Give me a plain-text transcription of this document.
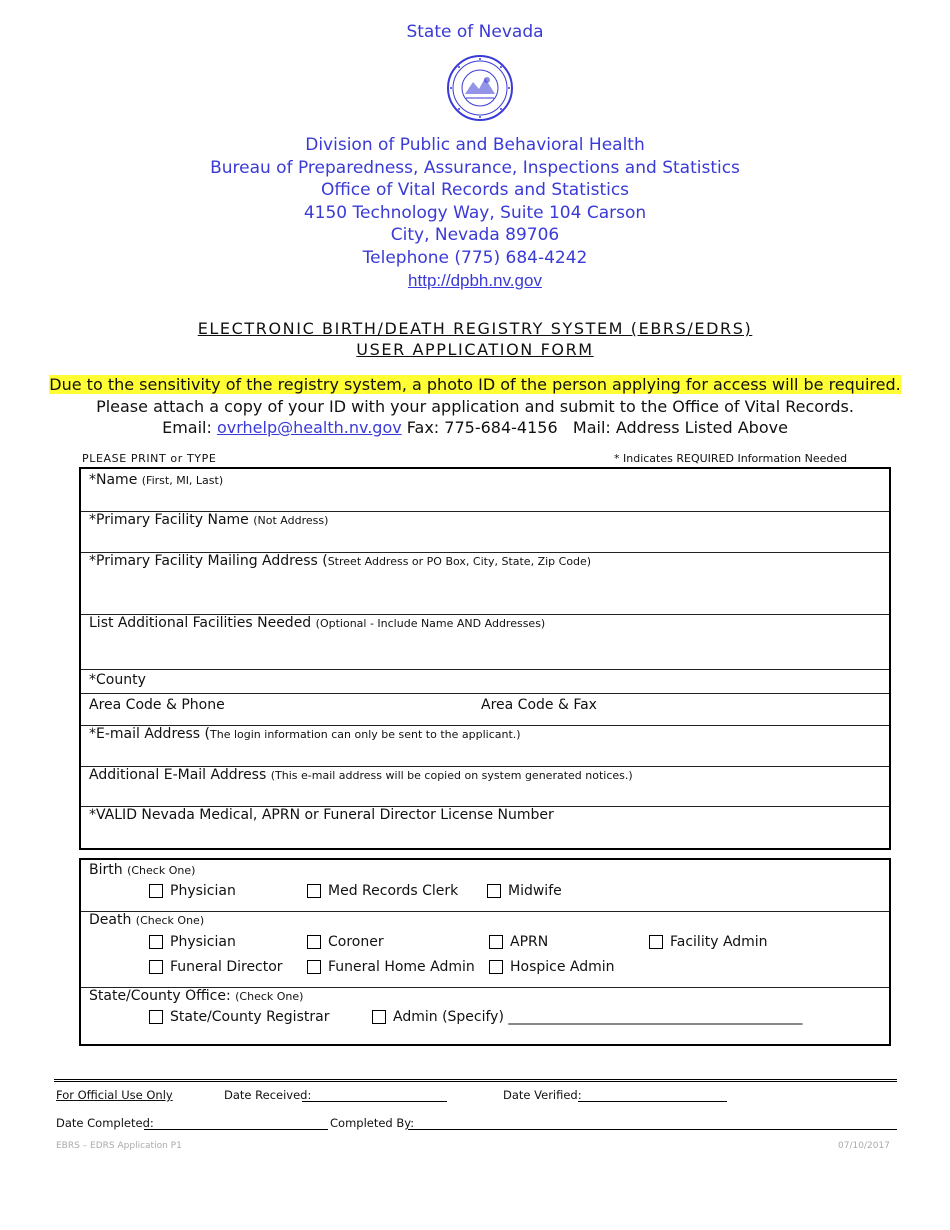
State of Nevada
Division of Public and Behavioral Health
Bureau of Preparedness, Assurance, Inspections and Statistics
Office of Vital Records and Statistics
4150 Technology Way, Suite 104 Carson
City, Nevada 89706
Telephone (775) 684-4242
http://dpbh.nv.gov
ELECTRONIC BIRTH/DEATH REGISTRY SYSTEM (EBRS/EDRS)
USER APPLICATION FORM
Due to the sensitivity of the registry system, a photo ID of the person applying for access will be required.
Please attach a copy of your ID with your application and submit to the Office of Vital Records.
Email: ovrhelp@health.nv.gov Fax: 775-684-4156   Mail: Address Listed Above
PLEASE PRINT or TYPE	* Indicates REQUIRED Information Needed
*Name (First, MI, Last)
*Primary Facility Name (Not Address)
*Primary Facility Mailing Address (Street Address or PO Box, City, State, Zip Code)
List Additional Facilities Needed (Optional - Include Name AND Addresses)
*County
Area Code & Phone	Area Code & Fax
*E-mail Address (The login information can only be sent to the applicant.)
Additional E-Mail Address (This e-mail address will be copied on system generated notices.)
*VALID Nevada Medical, APRN or Funeral Director License Number
Birth (Check One)
Physician	Med Records Clerk	Midwife
Death (Check One)
Physician	Coroner	APRN	Facility Admin
Funeral Director	Funeral Home Admin	Hospice Admin
State/County Office: (Check One)
State/County Registrar	Admin (Specify)
__________________________________________
For Official Use Only	Date Received:	Date Verified:
Date Completed:	Completed By:
EBRS – EDRS Application P1	07/10/2017
